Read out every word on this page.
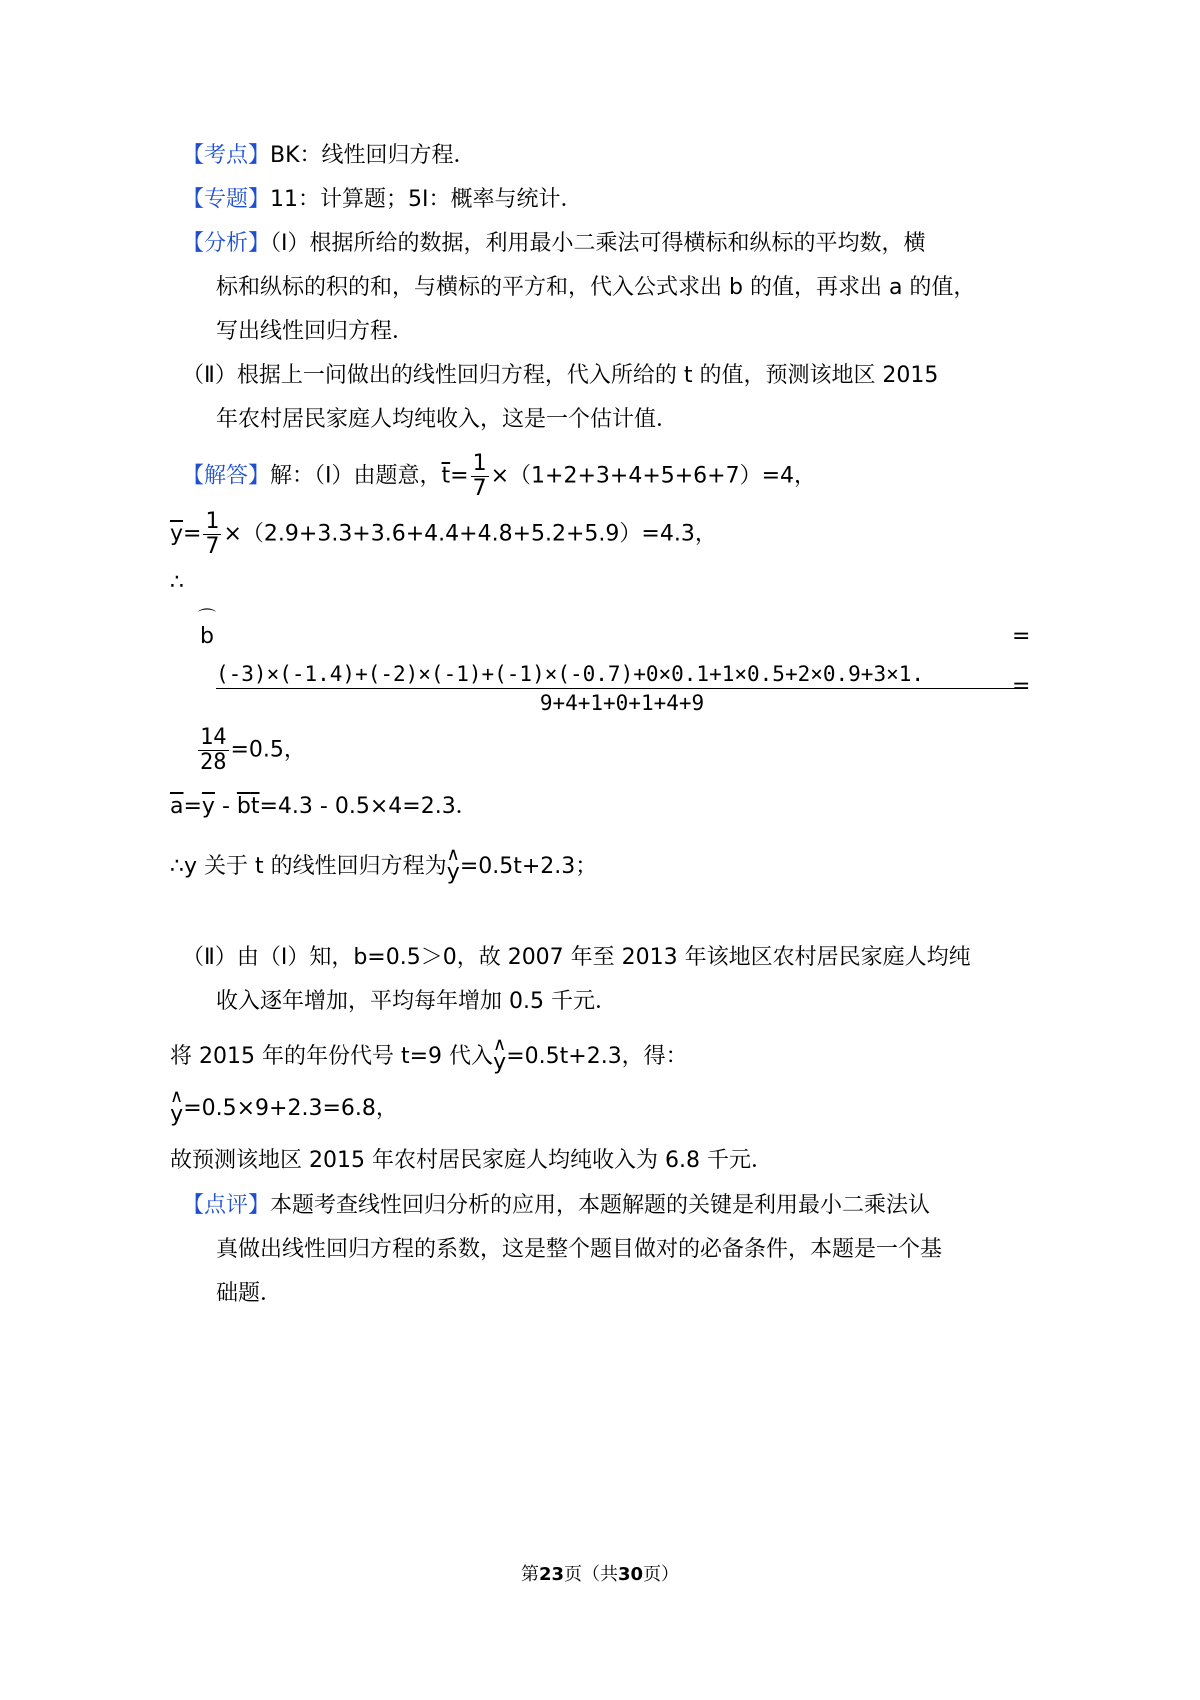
【考点】BK：线性回归方程．
【专题】11：计算题；5I：概率与统计．
【分析】（Ⅰ）根据所给的数据，利用最小二乘法可得横标和纵标的平均数，横
标和纵标的积的和，与横标的平方和，代入公式求出 b 的值，再求出 a 的值，
写出线性回归方程．
（Ⅱ）根据上一问做出的线性回归方程，代入所给的 t 的值，预测该地区 2015
年农村居民家庭人均纯收入，这是一个估计值．
【解答】解：（Ⅰ）由题意，$\overline{t}= \frac{1}{7} \times(1+2+3+4+5+6+7)=4$，
$\overline{y}= \frac{1}{7} \times(2.9+3.3+3.6+4.4+4.8+5.2+5.9)=4.3$，
∴
⌒
b	=
$\frac{(-3)\times(-1.4)+(-2)\times(-1)+(-1)\times(-0.7)+0\times 0.1+1\times 0.5+2\times 0.9+3\times 1.}{9+4+1+0+1+4+9}$
=
$\frac{14}{28} =0.5$，
$\overline{a}=\overline{y} - \overline{b}\overline{t}=4.3 - 0.5\times 4=2.3$．
∴y 关于 t 的线性回归方程为 ∧
y =0.5t+2.3；
（Ⅱ）由（Ⅰ）知，b=0.5＞0，故 2007 年至 2013 年该地区农村居民家庭人均纯
收入逐年增加，平均每年增加 0.5 千元．
将 2015 年的年份代号 t=9 代入 ∧
y =0.5t+2.3，得：
∧
y =0.5×9+2.3=6.8，
故预测该地区 2015 年农村居民家庭人均纯收入为 6.8 千元．
【点评】本题考查线性回归分析的应用，本题解题的关键是利用最小二乘法认
真做出线性回归方程的系数，这是整个题目做对的必备条件，本题是一个基
础题．
第23页（共30页）
